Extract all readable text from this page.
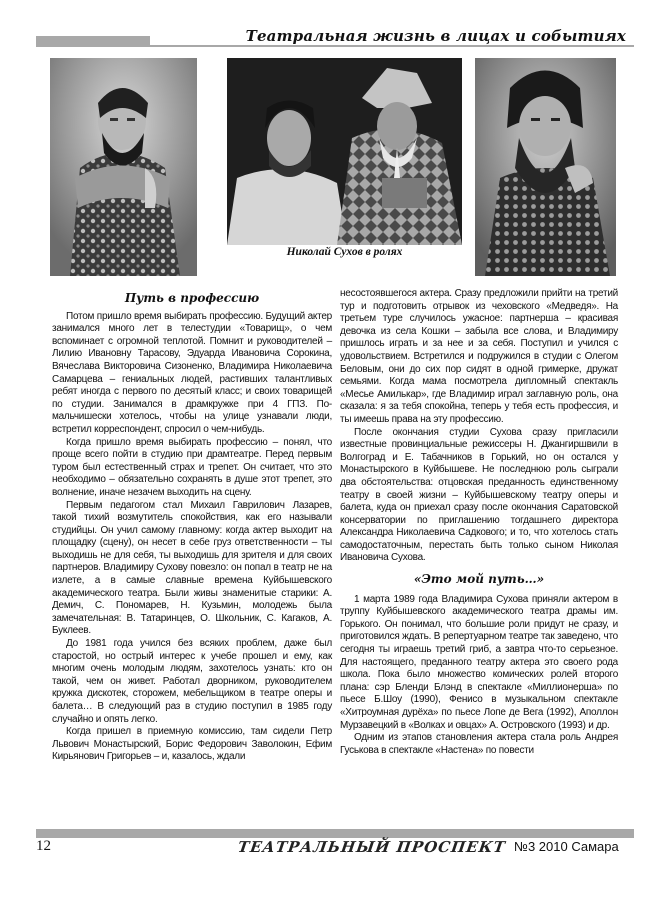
Театральная жизнь в лицах и событиях
Николай Сухов в ролях
Путь в профессию

Потом пришло время выбирать профессию. Будущий актер занимался много лет в телестудии «Товарищ», о чем вспоминает с огромной теплотой. Помнит и руководителей – Лилию Ивановну Тарасову, Эдуарда Ивановича Сорокина, Вячеслава Викторовича Сизоненко, Владимира Николаевича Самарцева – гениальных людей, растивших талантливых ребят иногда с первого по десятый класс; и своих товарищей по студии. Занимался в драмкружке при 4 ГПЗ. По-мальчишески хотелось, чтобы на улице узнавали люди, встретил корреспондент, спросил о чем-нибудь.

Когда пришло время выбирать профессию – понял, что проще всего пойти в студию при драмтеатре. Перед первым туром был естественный страх и трепет. Он считает, что это необходимо – обязательно сохранять в душе этот трепет, это волнение, иначе незачем выходить на сцену.

Первым педагогом стал Михаил Гаврилович Лазарев, такой тихий возмутитель спокойствия, как его называли студийцы. Он учил самому главному: когда актер выходит на площадку (сцену), он несет в себе груз ответственности – ты выходишь не для себя, ты выходишь для зрителя и для своих партнеров. Владимиру Сухову повезло: он попал в театр не на излете, а в самые славные времена Куйбышевского академического театра. Были живы знаменитые старики: А. Демич, С. Пономарев, Н. Кузьмин, молодежь была замечательная: В. Татаринцев, О. Школьник, С. Кагаков, А. Буклеев.

До 1981 года учился без всяких проблем, даже был старостой, но острый интерес к учебе прошел и ему, как многим очень молодым людям, захотелось узнать: кто он такой, чем он живет. Работал дворником, руководителем кружка дискотек, сторожем, мебельщиком в театре оперы и балета… В следующий раз в студию поступил в 1985 году случайно и опять легко.

Когда пришел в приемную комиссию, там сидели Петр Львович Монастырский, Борис Федорович Заволокин, Ефим Кирьянович Григорьев – и, казалось, ждали

несостоявшегося актера. Сразу предложили прийти на третий тур и подготовить отрывок из чеховского «Медведя». На третьем туре случилось ужасное: партнерша – красивая девочка из села Кошки – забыла все слова, и Владимиру пришлось играть и за нее и за себя. Поступил и учился с удовольствием. Встретился и подружился в студии с Олегом Беловым, они до сих пор сидят в одной гримерке, дружат семьями. Когда мама посмотрела дипломный спектакль «Месье Амилькар», где Владимир играл заглавную роль, она сказала: я за тебя спокойна, теперь у тебя есть профессия, и ты имеешь права на эту профессию.

После окончания студии Сухова сразу пригласили известные провинциальные режиссеры Н. Джангиршвили в Волгоград и Е. Табачников в Горький, но он остался у Монастырского в Куйбышеве. Не последнюю роль сыграли два обстоятельства: отцовская преданность единственному театру в своей жизни – Куйбышевскому театру оперы и балета, куда он приехал сразу после окончания Саратовской консерватории по приглашению тогдашнего директора Александра Николаевича Садкового; и то, что хотелось стать самодостаточным, перестать быть только сыном Николая Ивановича Сухова.

«Это мой путь…»

1 марта 1989 года Владимира Сухова приняли актером в труппу Куйбышевского академического театра драмы им. Горького. Он понимал, что большие роли придут не сразу, и приготовился ждать. В репертуарном театре так заведено, что сегодня ты играешь третий гриб, а завтра что-то серьезное. Для настоящего, преданного театру актера это своего рода школа. Пока было множество комических ролей второго плана: сэр Бленди Блэнд в спектакле «Миллионерша» по пьесе Б.Шоу (1990), Фенисо в музыкальном спектакле «Хитроумная дурёха» по пьесе Лопе де Вега (1992), Аполлон Мурзавецкий в «Волках и овцах» А. Островского (1993) и др.

Одним из этапов становления актера стала роль Андрея Гуськова в спектакле «Настена» по повести

12	ТЕАТРАЛЬНЫЙ ПРОСПЕКТ №3 2010 Самара
